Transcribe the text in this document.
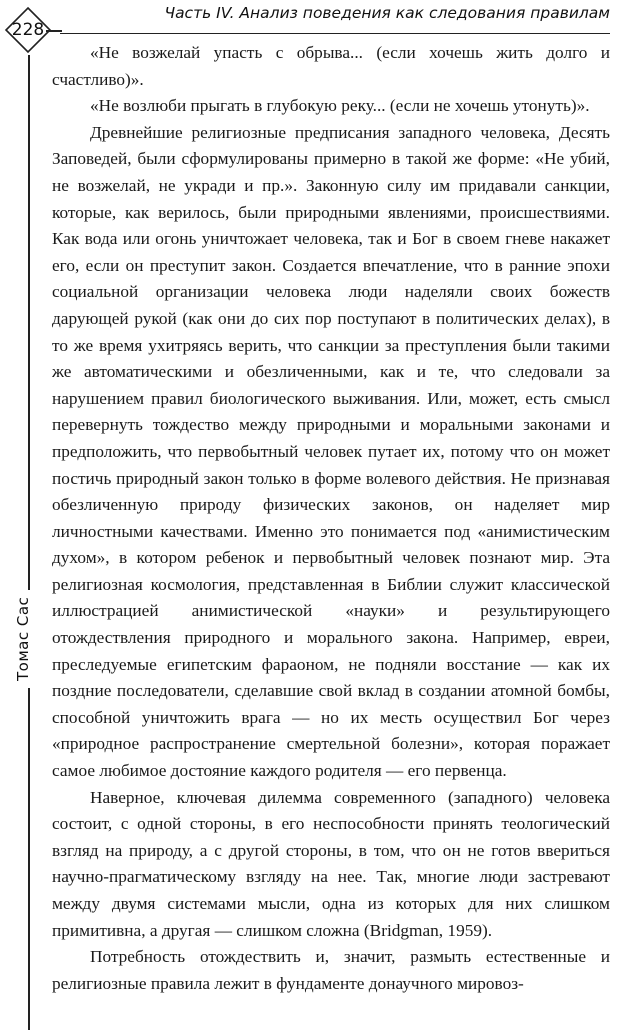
228
Часть IV. Анализ поведения как следования правилам
Томас Сас

«Не возжелай упасть с обрыва... (если хочешь жить долго и счастливо)».

«Не возлюби прыгать в глубокую реку... (если не хочешь утонуть)».

Древнейшие религиозные предписания западного человека, Десять Заповедей, были сформулированы примерно в такой же форме: «Не убий, не возжелай, не укради и пр.». Законную силу им придавали санкции, которые, как верилось, были природными явлениями, происшествиями. Как вода или огонь уничтожает человека, так и Бог в своем гневе накажет его, если он преступит закон. Создается впечатление, что в ранние эпохи социальной организации человека люди наделяли своих божеств дарующей рукой (как они до сих пор поступают в политических делах), в то же время ухитряясь верить, что санкции за преступления были такими же автоматическими и обезличенными, как и те, что следовали за нарушением правил биологического выживания. Или, может, есть смысл перевернуть тождество между природными и моральными законами и предположить, что первобытный человек путает их, потому что он может постичь природный закон только в форме волевого действия. Не признавая обезличенную природу физических законов, он наделяет мир личностными качествами. Именно это понимается под «анимистическим духом», в котором ребенок и первобытный человек познают мир. Эта религиозная космология, представленная в Библии служит классической иллюстрацией анимистической «науки» и результирующего отождествления природного и морального закона. Например, евреи, преследуемые египетским фараоном, не подняли восстание — как их поздние последователи, сделавшие свой вклад в создании атомной бомбы, способной уничтожить врага — но их месть осуществил Бог через «природное распространение смертельной болезни», которая поражает самое любимое достояние каждого родителя — его первенца.

Наверное, ключевая дилемма современного (западного) человека состоит, с одной стороны, в его неспособности принять теологический взгляд на природу, а с другой стороны, в том, что он не готов ввериться научно-прагматическому взгляду на нее. Так, многие люди застревают между двумя системами мысли, одна из которых для них слишком примитивна, а другая — слишком сложна (Bridgman, 1959).

Потребность отождествить и, значит, размыть естественные и религиозные правила лежит в фундаменте донаучного мировоз-
